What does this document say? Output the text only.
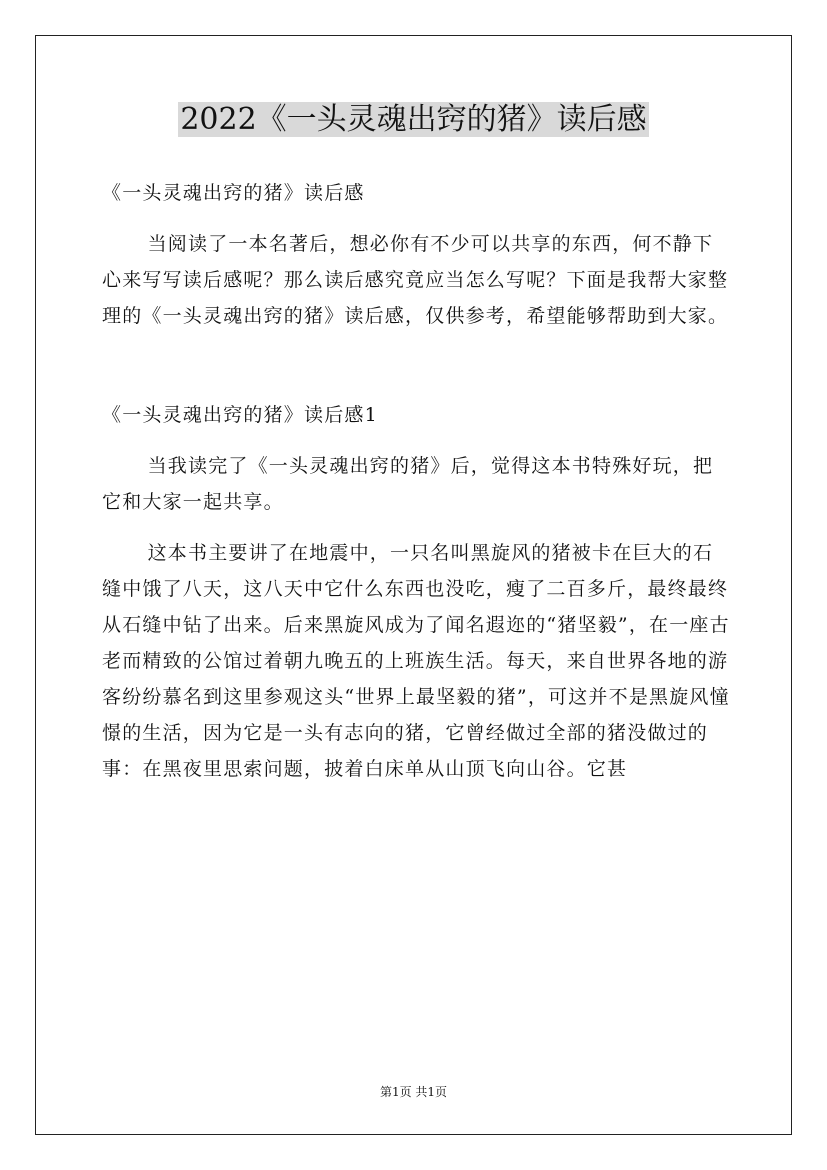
2022《一头灵魂出窍的猪》读后感

《一头灵魂出窍的猪》读后感

当阅读了一本名著后，想必你有不少可以共享的东西，何不静下心来写写读后感呢？那么读后感究竟应当怎么写呢？下面是我帮大家整理的《一头灵魂出窍的猪》读后感，仅供参考，希望能够帮助到大家。

《一头灵魂出窍的猪》读后感1

当我读完了《一头灵魂出窍的猪》后，觉得这本书特殊好玩，把它和大家一起共享。

这本书主要讲了在地震中，一只名叫黑旋风的猪被卡在巨大的石缝中饿了八天，这八天中它什么东西也没吃，瘦了二百多斤，最终最终从石缝中钻了出来。后来黑旋风成为了闻名遐迩的“猪坚毅”，在一座古老而精致的公馆过着朝九晚五的上班族生活。每天，来自世界各地的游客纷纷慕名到这里参观这头“世界上最坚毅的猪”，可这并不是黑旋风憧憬的生活，因为它是一头有志向的猪，它曾经做过全部的猪没做过的事：在黑夜里思索问题，披着白床单从山顶飞向山谷。它甚

第1页 共1页
